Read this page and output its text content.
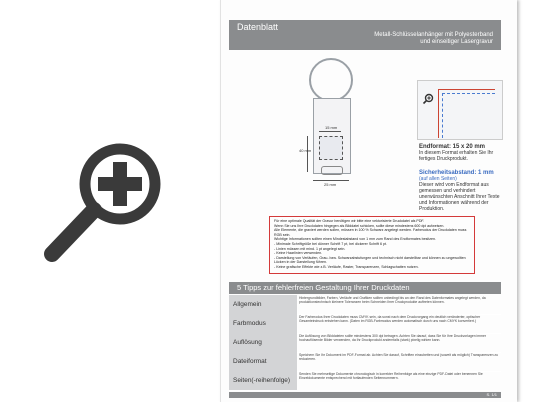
Datenblatt
Metall-Schlüsselanhänger mit Polyesterband
und einseitiger Lasergravur
15 mm
25 mm
40 mm
Endformat: 15 x 20 mm
In diesem Format erhalten Sie Ihr fertiges Druckprodukt.
Sicherheitsabstand: 1 mm
(auf allen Seiten)
Dieser wird vom Endformat aus gemessen und verhindert unerwünschten Anschnitt Ihrer Texte und Informationen während der Produktion.
Für eine optimale Qualität der Gravur benötigen wir bitte eine vektorisierte Druckdatei als PDF.
Wenn Sie uns Ihre Druckdaten hingegen als Bilddatei schicken, sollte diese mindestens 600 dpi aufweisen.
Alle Elemente, die graviert werden sollen, müssen in 100 % Schwarz angelegt werden. Farbmodus der Druckdaten muss RGB sein.
Wichtige Informationen sollten einen Mindestabstand von 1 mm zum Rand des Endformates besitzen.
- Minimale Schriftgröße bei dünner Schrift 7 pt, bei dickerer Schrift 6 pt.
- Linien müssen mit mind. 1 pt angelegt sein.
- Keine Haarlinien verwenden.
- Darstellung von Verläufen, Grau- bzw. Schwarzabstufungen und technisch nicht darstellbar und können zu ungewollten Lücken in der Darstellung führen.
- Keine grafische Effekte wie z.B. Verläufe, Raster, Transparenzen, Schlagschatten nutzen.
5 Tipps zur fehlerfreien Gestaltung Ihrer Druckdaten
Allgemein
Hintergrundbilder, Farben, Verläufe und Grafiken sollten unbedingt bis an den Rand des Datenformates angelegt werden, da produktionstechnisch kleinere Toleranzen beim Schneiden Ihrer Druckprodukte auftreten können.
Farbmodus
Der Farbmodus Ihrer Druckdaten muss CMYK sein, da sonst nach dem Druckvorgang ein deutlich veränderter, optischer Gesamteindruck entstehen kann. (Daten im RGB-Farbmodus werden automatisch durch uns nach CMYK konvertiert.)
Auflösung
Die Auflösung von Bilddateien sollte mindestens 300 dpi betragen. Achten Sie darauf, dass Sie für Ihre Druckvorlagen immer hochauflösende Bilder verwenden, da Ihr Druckprodukt andernfalls (stark) pixelig wirken kann.
Dateiformat
Speichern Sie Ihr Dokument im PDF-Format ab. Achten Sie darauf, Schriften einzubetten und (soweit als möglich) Transparenzen zu reduzieren.
Seiten(-reihenfolge)
Senden Sie mehrseitige Dokumente chronologisch in korrekter Reihenfolge als eine einzige PDF-Datei oder benennen Sie Einzeldokumente entsprechend mit fortlaufenden Seitennummern.
S. 1/1
